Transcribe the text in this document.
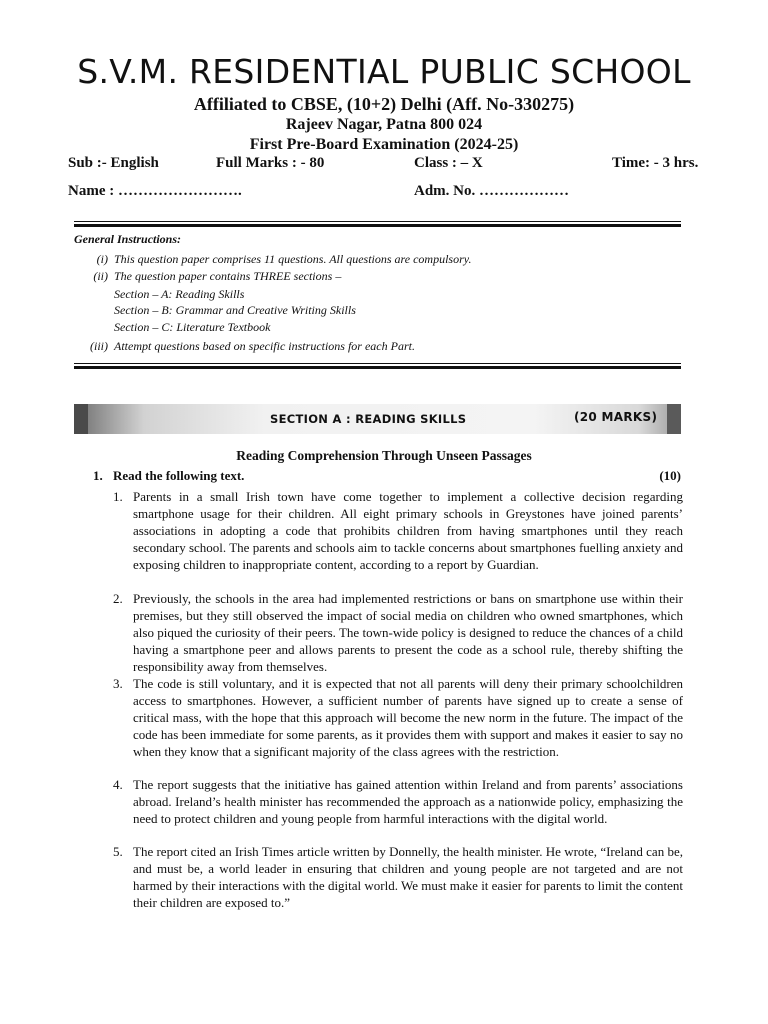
S.V.M. RESIDENTIAL PUBLIC SCHOOL
Affiliated to CBSE, (10+2) Delhi (Aff. No-330275)
Rajeev Nagar, Patna 800 024
First Pre-Board Examination (2024-25)
Sub :- English	Full Marks : - 80	Class : – X	Time: - 3 hrs.
Name : …………………….	Adm. No. ………………
General Instructions:
(i) This question paper comprises 11 questions. All questions are compulsory.
(ii) The question paper contains THREE sections –
Section – A: Reading Skills
Section – B: Grammar and Creative Writing Skills
Section – C: Literature Textbook
(iii) Attempt questions based on specific instructions for each Part.
SECTION A : READING SKILLS	(20 MARKS)
Reading Comprehension Through Unseen Passages
1. Read the following text.	(10)
1. Parents in a small Irish town have come together to implement a collective decision regarding smartphone usage for their children. All eight primary schools in Greystones have joined parents’ associations in adopting a code that prohibits children from having smartphones until they reach secondary school. The parents and schools aim to tackle concerns about smartphones fuelling anxiety and exposing children to inappropriate content, according to a report by Guardian.
2. Previously, the schools in the area had implemented restrictions or bans on smartphone use within their premises, but they still observed the impact of social media on children who owned smartphones, which also piqued the curiosity of their peers. The town-wide policy is designed to reduce the chances of a child having a smartphone peer and allows parents to present the code as a school rule, thereby shifting the responsibility away from themselves.
3. The code is still voluntary, and it is expected that not all parents will deny their primary schoolchildren access to smartphones. However, a sufficient number of parents have signed up to create a sense of critical mass, with the hope that this approach will become the new norm in the future. The impact of the code has been immediate for some parents, as it provides them with support and makes it easier to say no when they know that a significant majority of the class agrees with the restriction.
4. The report suggests that the initiative has gained attention within Ireland and from parents’ associations abroad. Ireland’s health minister has recommended the approach as a nationwide policy, emphasizing the need to protect children and young people from harmful interactions with the digital world.
5. The report cited an Irish Times article written by Donnelly, the health minister. He wrote, “Ireland can be, and must be, a world leader in ensuring that children and young people are not targeted and are not harmed by their interactions with the digital world. We must make it easier for parents to limit the content their children are exposed to.”
